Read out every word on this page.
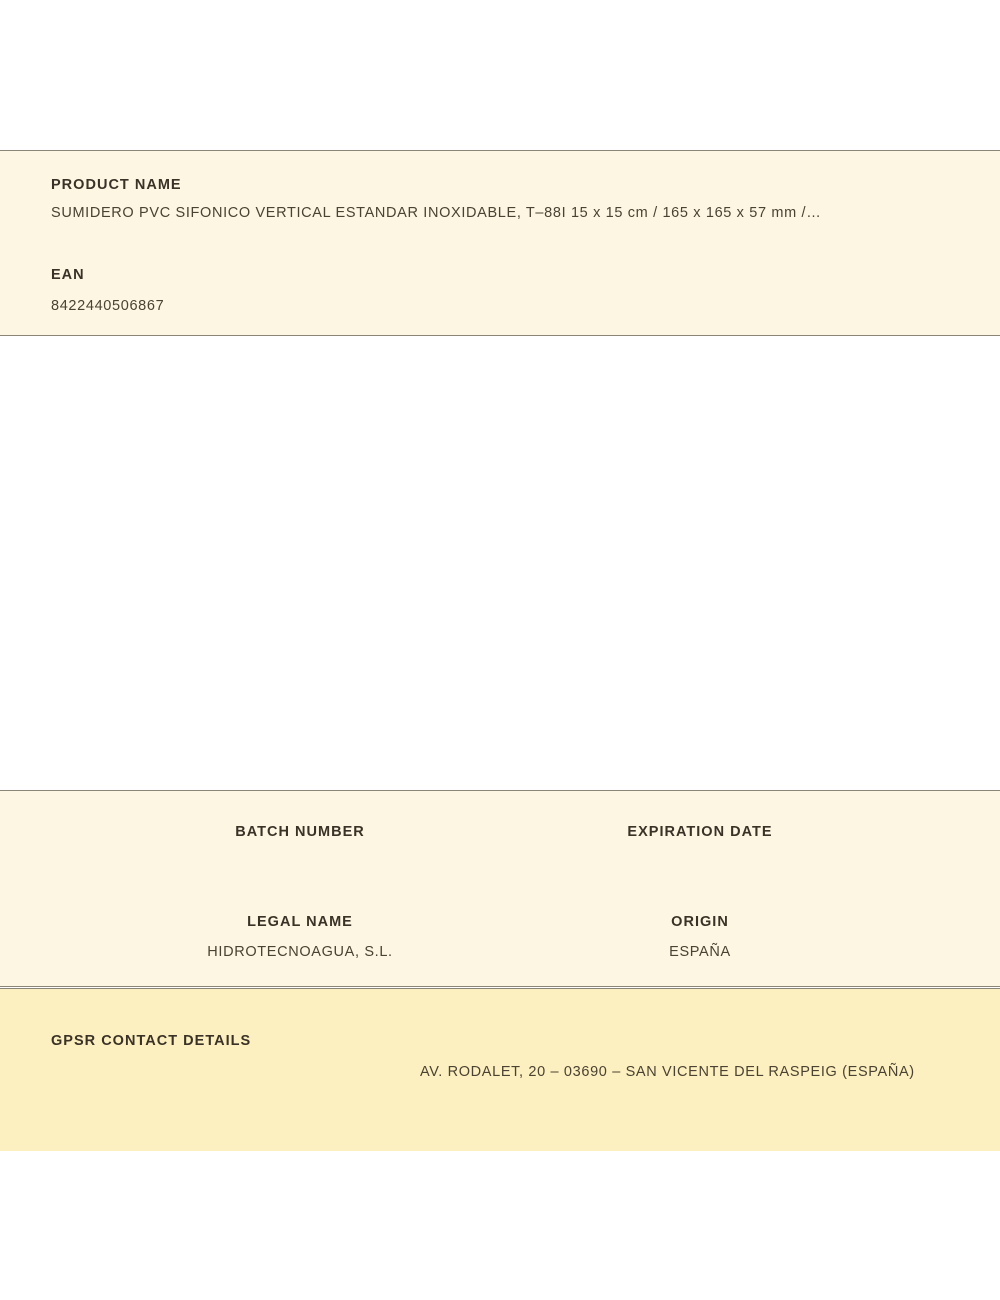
PRODUCT NAME
SUMIDERO PVC SIFONICO VERTICAL ESTANDAR INOXIDABLE, T–88I 15 x 15 cm / 165 x 165 x 57 mm /…
EAN
8422440506867
BATCH NUMBER	EXPIRATION DATE
LEGAL NAME
HIDROTECNOAGUA, S.L.
ORIGIN
ESPAÑA
GPSR CONTACT DETAILS
AV. RODALET, 20 – 03690 – SAN VICENTE DEL RASPEIG (ESPAÑA)
